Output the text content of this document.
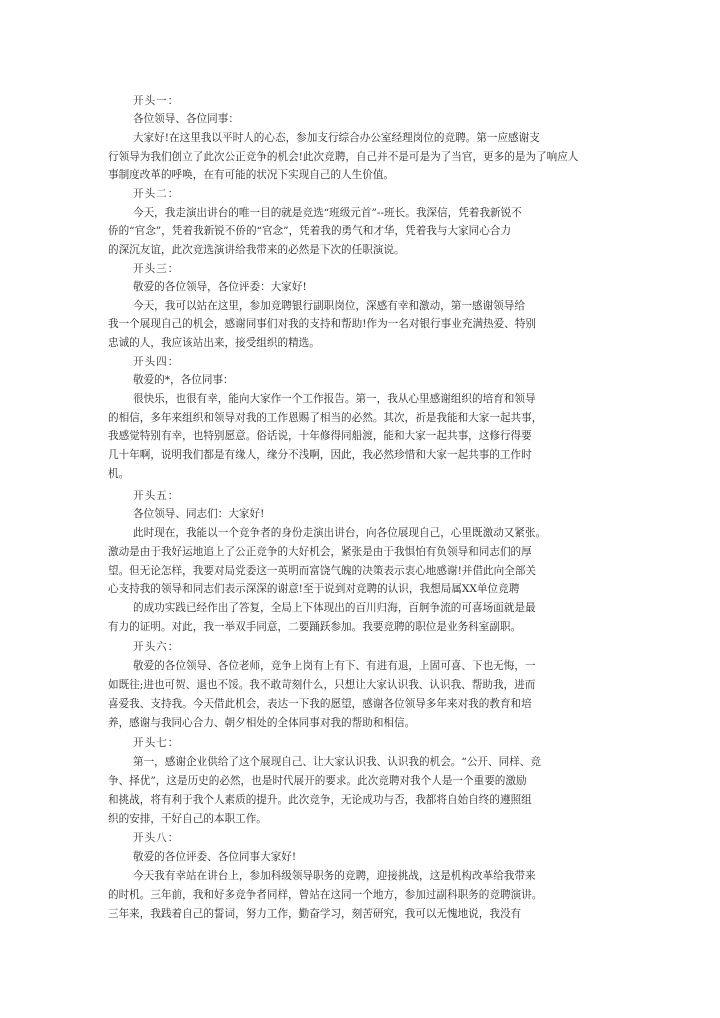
开头一：
各位领导、各位同事：
大家好!在这里我以平时人的心态，参加支行综合办公室经理岗位的竞聘。第一应感谢支
行领导为我们创立了此次公正竞争的机会!此次竞聘，自己并不是可是为了当官，更多的是为了响应人
事制度改革的呼唤，在有可能的状况下实现自己的人生价值。
开头二：
今天，我走演出讲台的唯一目的就是竞选“班级元首”--班长。我深信，凭着我新锐不
侨的“官念”，凭着我新锐不侨的“官念”，凭着我的勇气和才华，凭着我与大家同心合力
的深沉友谊，此次竞选演讲给我带来的必然是下次的任职演说。
开头三：
敬爱的各位领导，各位评委：大家好!
今天，我可以站在这里，参加竞聘银行副职岗位，深感有幸和激动，第一感谢领导给
我一个展现自己的机会，感谢同事们对我的支持和帮助!作为一名对银行事业充满热爱、特别
忠诚的人，我应该站出来，接受组织的精选。
开头四：
敬爱的*，各位同事：
很快乐，也很有幸，能向大家作一个工作报告。第一，我从心里感谢组织的培育和领导
的相信，多年来组织和领导对我的工作恩赐了相当的必然。其次，祈是我能和大家一起共事，
我感觉特别有幸，也特别愿意。俗话说，十年修得同船渡，能和大家一起共事，这修行得要
几十年啊，说明我们都是有缘人，缘分不浅啊，因此，我必然珍惜和大家一起共事的工作时
机。
开头五：
各位领导、同志们：大家好!
此时现在，我能以一个竞争者的身份走演出讲台，向各位展现自己，心里既激动又紧张。
激动是由于我好运地追上了公正竞争的大好机会，紧张是由于我惧怕有负领导和同志们的厚
望。但无论怎样，我要对局党委这一英明而富饶气魄的决策表示衷心地感谢!并借此向全部关
心支持我的领导和同志们表示深深的谢意!至于说到对竞聘的认识，我想局属XX单位竞聘
的成功实践已经作出了答复，全局上下体现出的百川归海，百舸争流的可喜场面就是最
有力的证明。对此，我一举双手同意，二要踊跃参加。我要竞聘的职位是业务科室副职。
开头六：
敬爱的各位领导、各位老师，竞争上岗有上有下、有进有退，上固可喜、下也无悔，一
如既往;进也可贺、退也不馁。我不敢苛刻什么，只想让大家认识我、认识我、帮助我，进而
喜爱我、支持我。今天借此机会，表达一下我的愿望，感谢各位领导多年来对我的教育和培
养，感谢与我同心合力、朝夕相处的全体同事对我的帮助和相信。
开头七：
第一，感谢企业供给了这个展现自己、让大家认识我、认识我的机会。“公开、同样、竞
争、择优”，这是历史的必然，也是时代展开的要求。此次竞聘对我个人是一个重要的激励
和挑战，将有利于我个人素质的提升。此次竞争，无论成功与否，我都将自始自终的遵照组
织的安排，干好自己的本职工作。
开头八：
敬爱的各位评委、各位同事大家好!
今天我有幸站在讲台上，参加科级领导职务的竞聘，迎接挑战，这是机构改革给我带来
的时机。三年前，我和好多竞争者同样，曾站在这同一个地方，参加过副科职务的竞聘演讲。
三年来，我践着自己的誓词，努力工作，勤奋学习，刻苦研究，我可以无愧地说，我没有
